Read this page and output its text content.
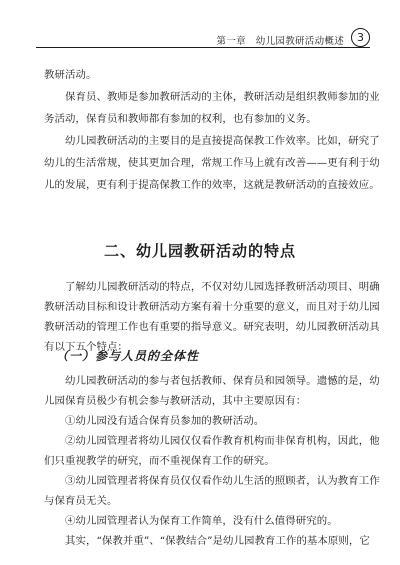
第一章 幼儿园教研活动概述	3
教研活动。
　　保育员、教师是参加教研活动的主体，教研活动是组织教师参加的业
务活动，保育员和教师都有参加的权利，也有参加的义务。
　　幼儿园教研活动的主要目的是直接提高保教工作效率。比如，研究了
幼儿的生活常规，使其更加合理，常规工作马上就有改善——更有利于幼
儿的发展，更有利于提高保教工作的效率，这就是教研活动的直接效应。
二、幼儿园教研活动的特点
　　了解幼儿园教研活动的特点，不仅对幼儿园选择教研活动项目、明确
教研活动目标和设计教研活动方案有着十分重要的意义，而且对于幼儿园
教研活动的管理工作也有重要的指导意义。研究表明，幼儿园教研活动具
有以下五个特点：
（一）参与人员的全体性
　　幼儿园教研活动的参与者包括教师、保育员和园领导。遗憾的是，幼
儿园保育员极少有机会参与教研活动，其中主要原因有：
　　①幼儿园没有适合保育员参加的教研活动。
　　②幼儿园管理者将幼儿园仅仅看作教育机构而非保育机构，因此，他
们只重视教学的研究，而不重视保育工作的研究。
　　③幼儿园管理者将保育员仅仅看作幼儿生活的照顾者，认为教育工作
与保育员无关。
　　④幼儿园管理者认为保育工作简单，没有什么值得研究的。
　　其实，“保教并重”、“保教结合”是幼儿园教育工作的基本原则，它
